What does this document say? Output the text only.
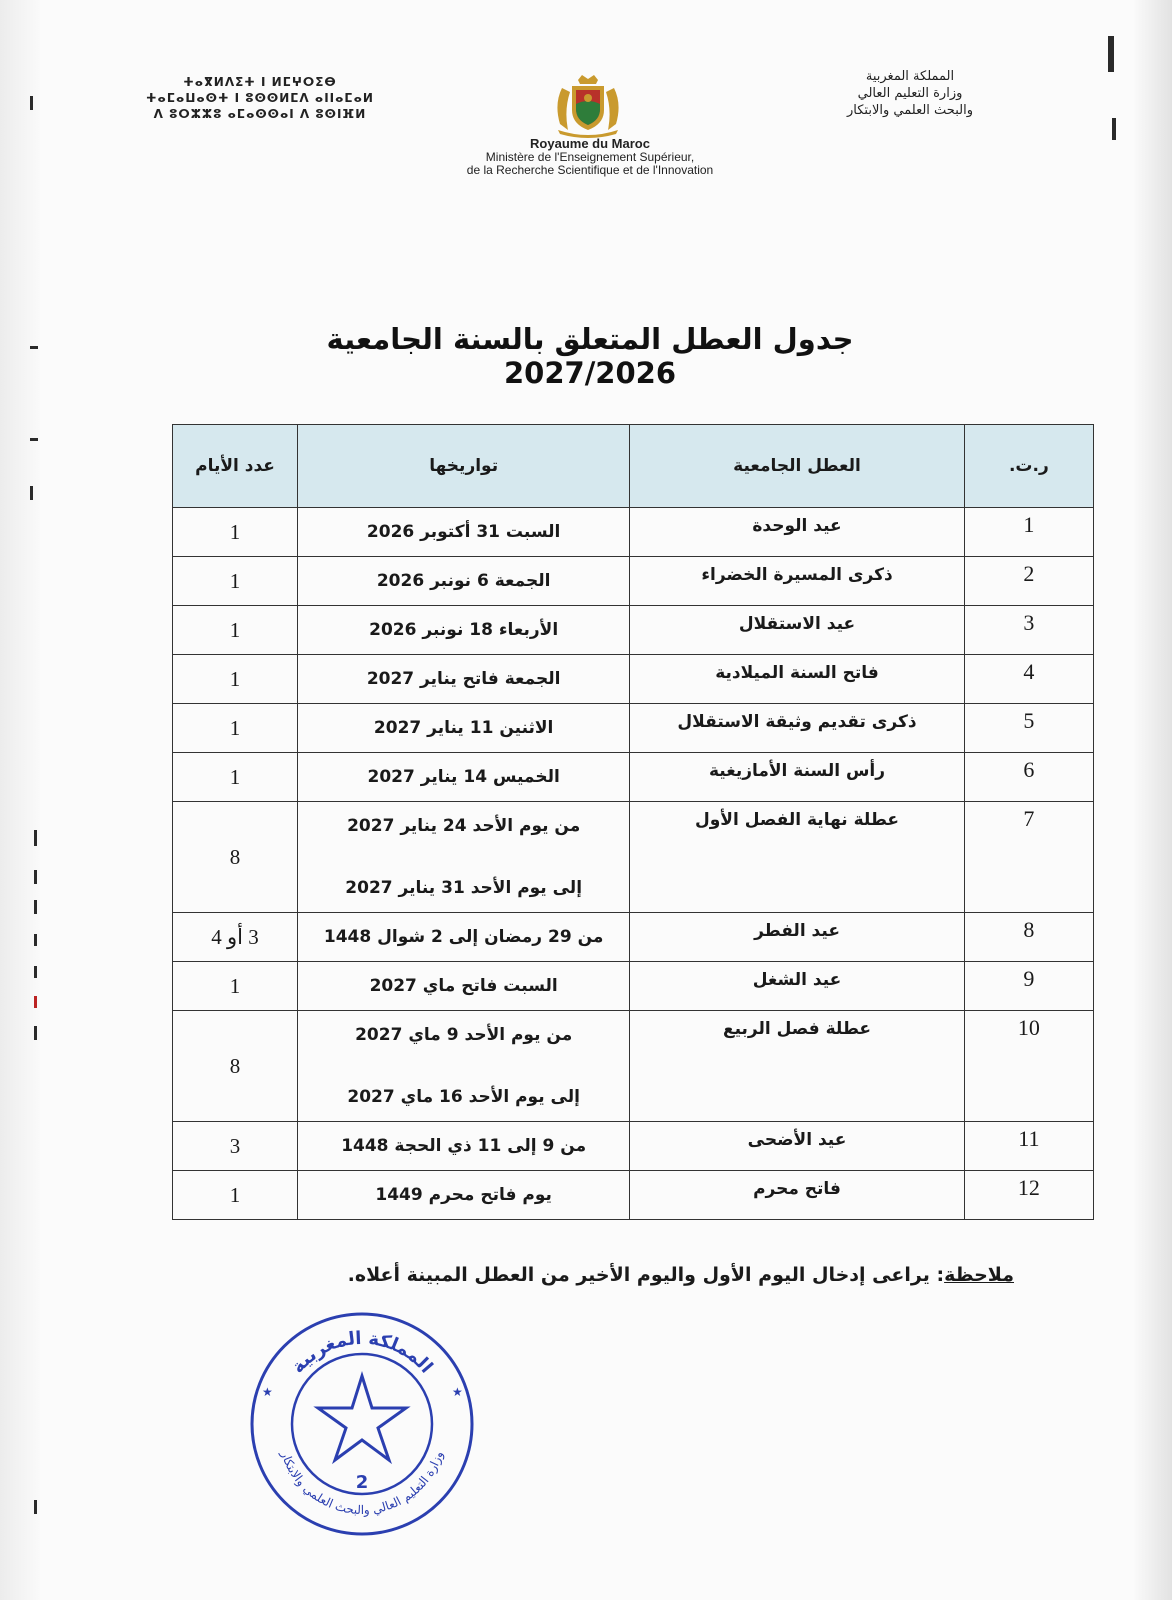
ⵜⴰⴳⵍⴷⵉⵜ ⵏ ⵍⵎⵖⵔⵉⴱ
ⵜⴰⵎⴰⵡⴰⵙⵜ ⵏ ⵓⵙⵙⵍⵎⴷ ⴰⵏⵏⴰⵎⴰⵍ
ⴷ ⵓⵔⵣⵣⵓ ⴰⵎⴰⵙⵙⴰⵏ ⴷ ⵓⵙⵏⴼⵍ
المملكة المغربية
وزارة التعليم العالي
والبحث العلمي والابتكار
Royaume du Maroc
Ministère de l'Enseignement Supérieur,
de la Recherche Scientifique et de l'Innovation
جدول العطل المتعلق بالسنة الجامعية 2027/2026
ر.ت.	العطل الجامعية	تواريخها	عدد الأيام
1	عيد الوحدة	السبت 31 أكتوبر 2026	1
2	ذكرى المسيرة الخضراء	الجمعة 6 نونبر 2026	1
3	عيد الاستقلال	الأربعاء 18 نونبر 2026	1
4	فاتح السنة الميلادية	الجمعة فاتح يناير 2027	1
5	ذكرى تقديم وثيقة الاستقلال	الاثنين 11 يناير 2027	1
6	رأس السنة الأمازيغية	الخميس 14 يناير 2027	1
7	عطلة نهاية الفصل الأول	من يوم الأحد 24 يناير 2027
إلى يوم الأحد 31 يناير 2027	8
8	عيد الفطر	من 29 رمضان إلى 2 شوال 1448	3 أو 4
9	عيد الشغل	السبت فاتح ماي 2027	1
10	عطلة فصل الربيع	من يوم الأحد 9 ماي 2027
إلى يوم الأحد 16 ماي 2027	8
11	عيد الأضحى	من 9 إلى 11 ذي الحجة 1448	3
12	فاتح محرم	يوم فاتح محرم 1449	1
ملاحظة: يراعى إدخال اليوم الأول واليوم الأخير من العطل المبينة أعلاه.
المملكة المغربية
وزارة التعليم العالي والبحث العلمي والابتكار
2
★	★
